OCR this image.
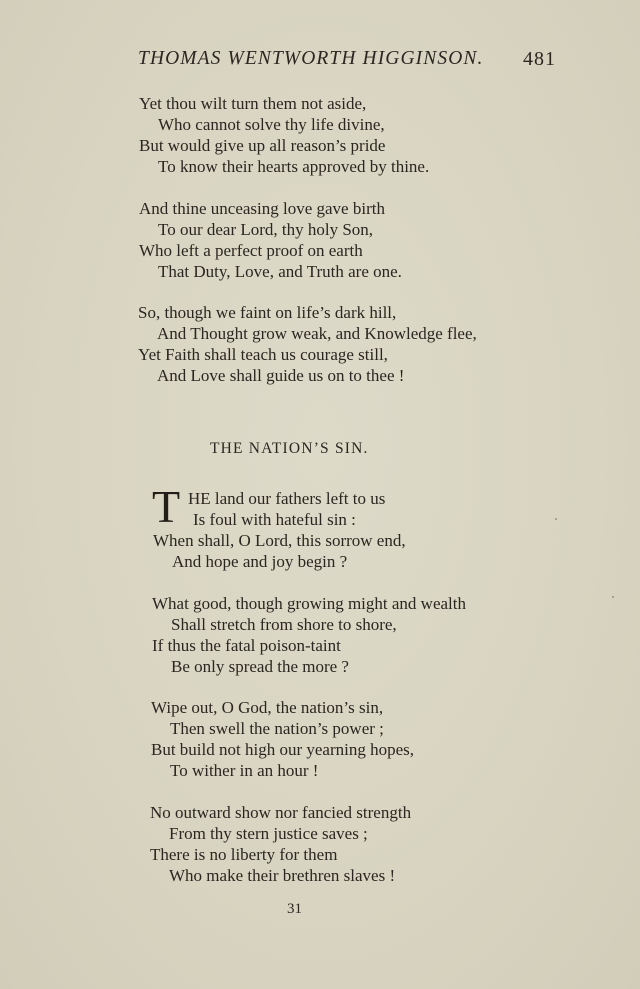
THOMAS WENTWORTH HIGGINSON. 481
Yet thou wilt turn them not aside,
Who cannot solve thy life divine,
But would give up all reason’s pride
To know their hearts approved by thine.
And thine unceasing love gave birth
To our dear Lord, thy holy Son,
Who left a perfect proof on earth
That Duty, Love, and Truth are one.
So, though we faint on life’s dark hill,
And Thought grow weak, and Knowledge flee,
Yet Faith shall teach us courage still,
And Love shall guide us on to thee !
THE NATION’S SIN.
T HE land our fathers left to us
Is foul with hateful sin :
When shall, O Lord, this sorrow end,
And hope and joy begin ?
What good, though growing might and wealth
Shall stretch from shore to shore,
If thus the fatal poison-taint
Be only spread the more ?
Wipe out, O God, the nation’s sin,
Then swell the nation’s power ;
But build not high our yearning hopes,
To wither in an hour !
No outward show nor fancied strength
From thy stern justice saves ;
There is no liberty for them
Who make their brethren slaves !
31
